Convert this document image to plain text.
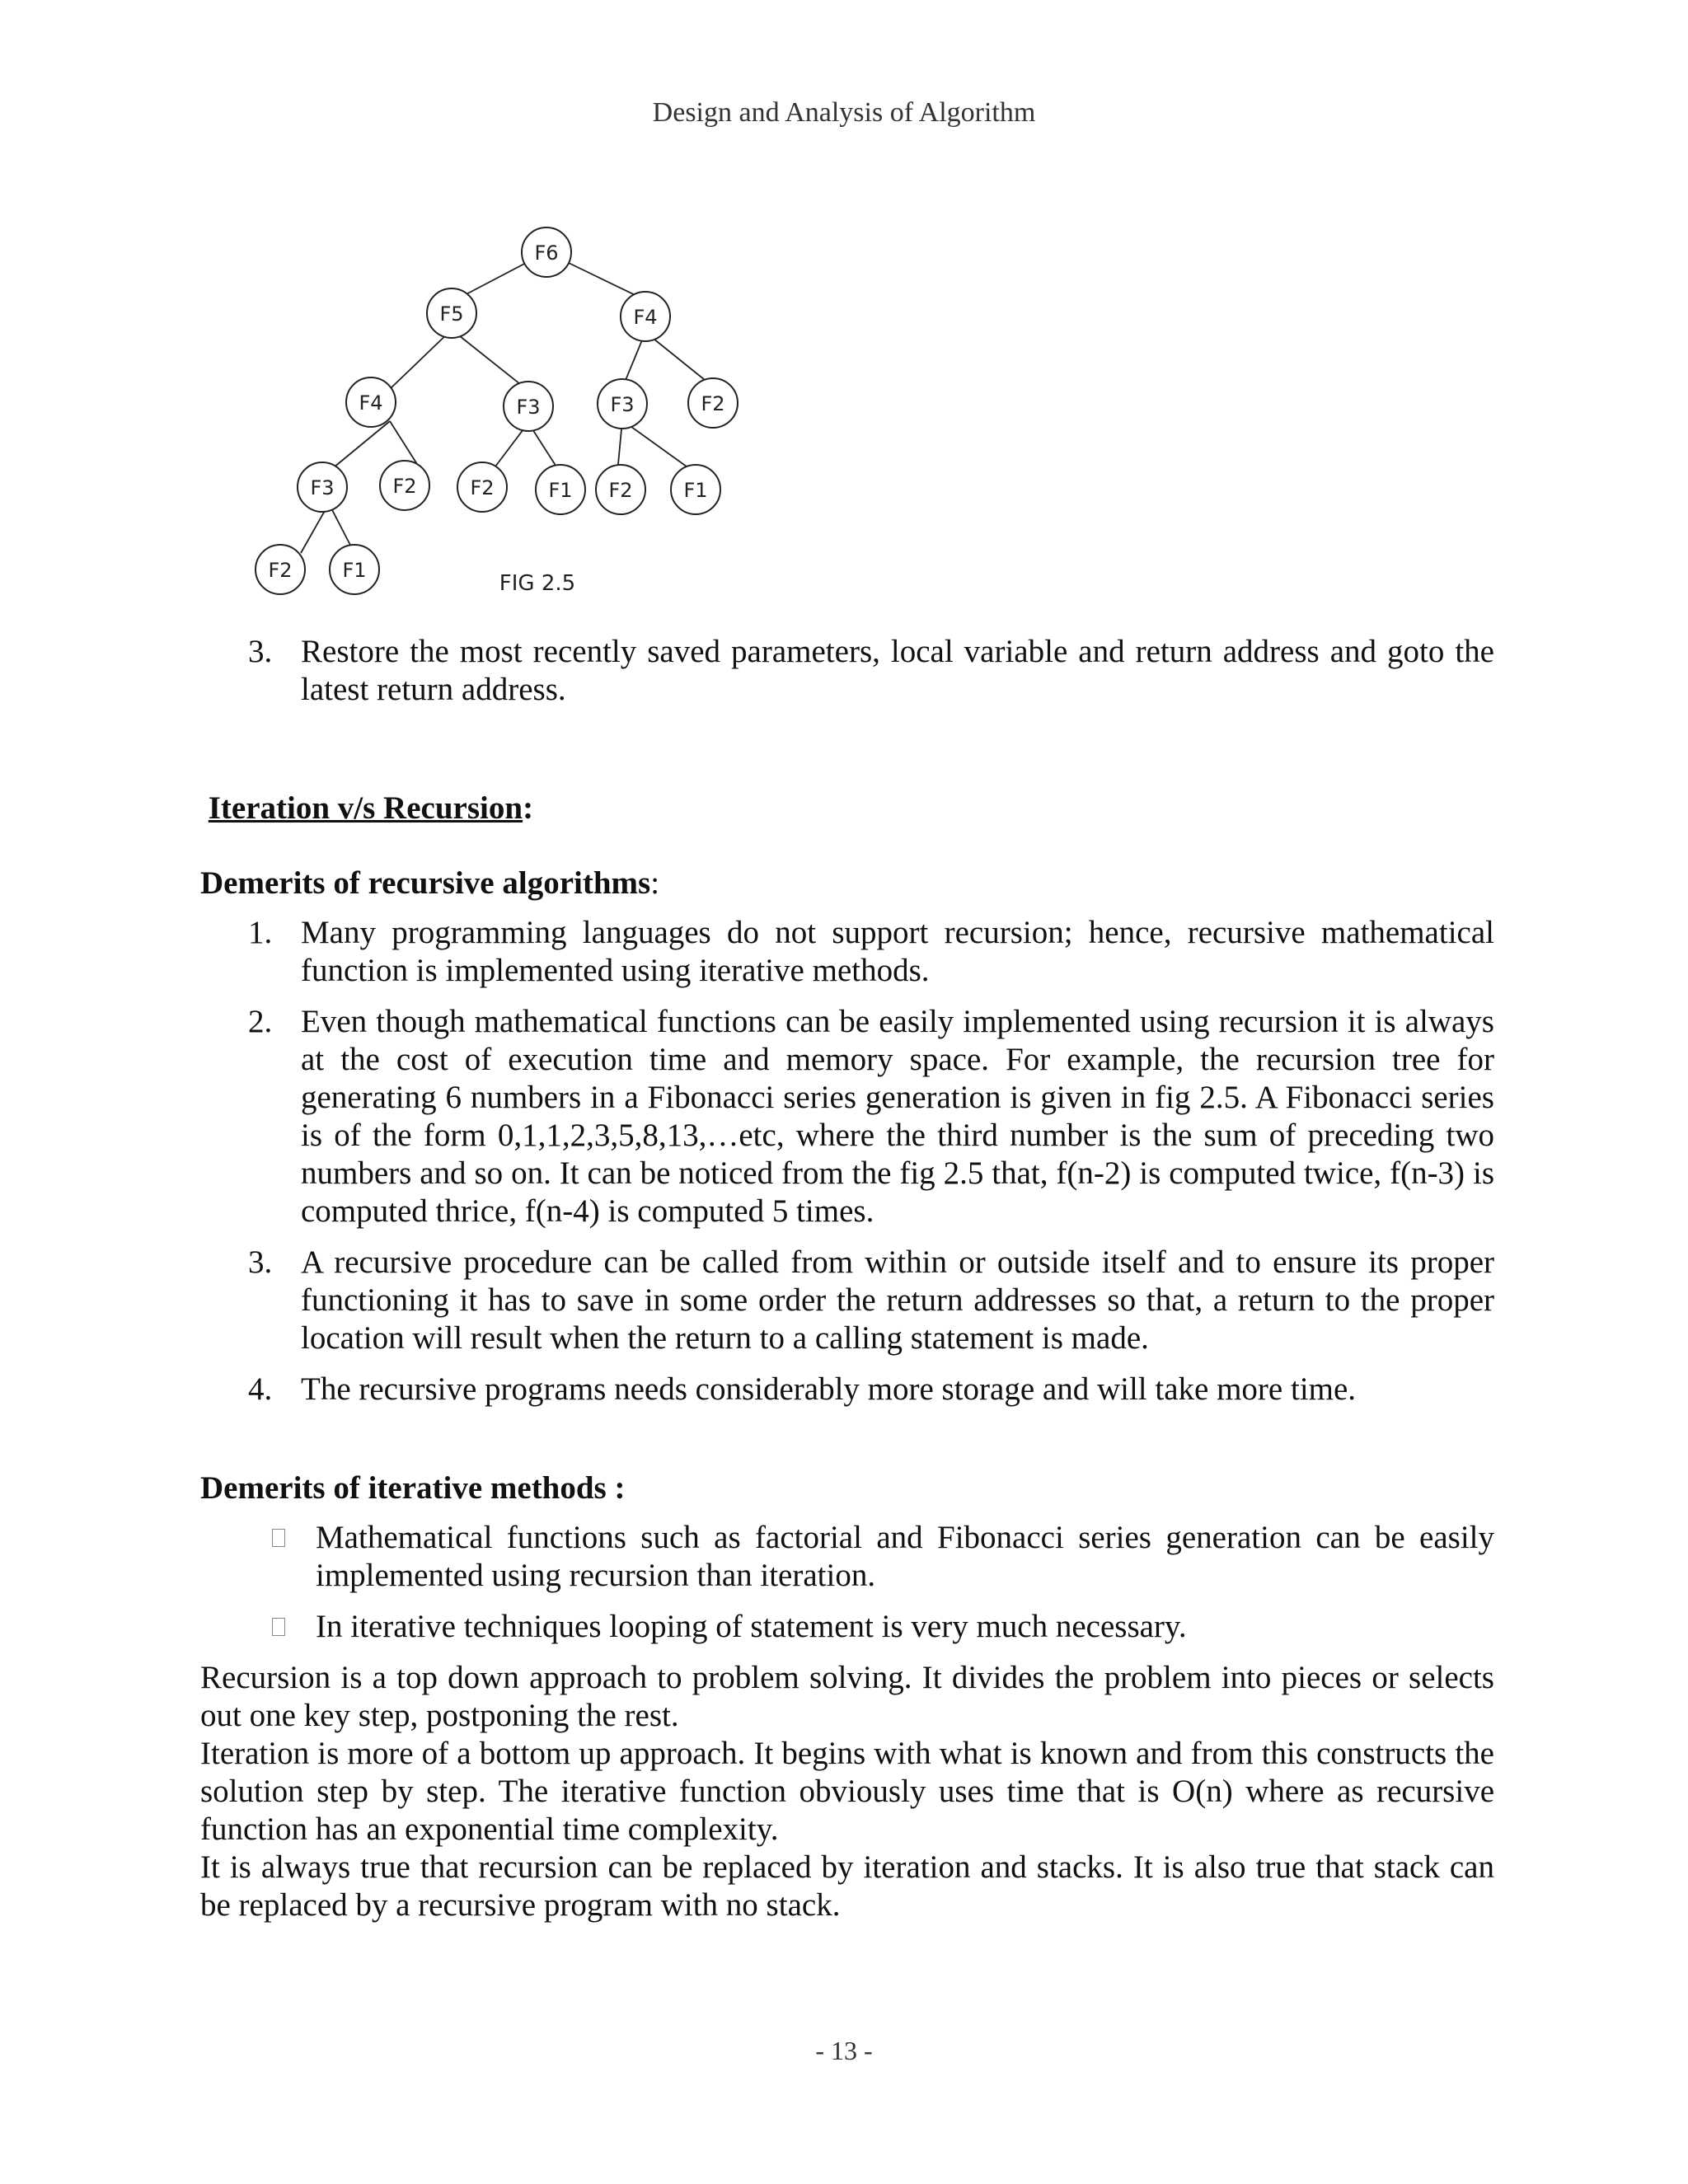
Design and Analysis of Algorithm
F6
F5	F4
F4	F3	F3	F2
F3	F2	F2	F1 F2	F1
F2	F1
FIG 2.5
3. Restore the most recently saved parameters, local variable and return address and goto the latest return address.
Iteration v/s Recursion:
Demerits of recursive algorithms:
1. Many programming languages do not support recursion; hence, recursive mathematical function is implemented using iterative methods.
2. Even though mathematical functions can be easily implemented using recursion it is always at the cost of execution time and memory space. For example, the recursion tree for generating 6 numbers in a Fibonacci series generation is given in fig 2.5. A Fibonacci series is of the form 0,1,1,2,3,5,8,13,…etc, where the third number is the sum of preceding two numbers and so on. It can be noticed from the fig 2.5 that, f(n-2) is computed twice, f(n-3) is computed thrice, f(n-4) is computed 5 times.
3. A recursive procedure can be called from within or outside itself and to ensure its proper functioning it has to save in some order the return addresses so that, a return to the proper location will result when the return to a calling statement is made.
4. The recursive programs needs considerably more storage and will take more time.
Demerits of iterative methods :
Mathematical functions such as factorial and Fibonacci series generation can be easily implemented using recursion than iteration.
In iterative techniques looping of statement is very much necessary.

Recursion is a top down approach to problem solving. It divides the problem into pieces or selects out one key step, postponing the rest.

Iteration is more of a bottom up approach. It begins with what is known and from this constructs the solution step by step. The iterative function obviously uses time that is O(n) where as recursive function has an exponential time complexity.

It is always true that recursion can be replaced by iteration and stacks. It is also true that stack can be replaced by a recursive program with no stack.

- 13 -
